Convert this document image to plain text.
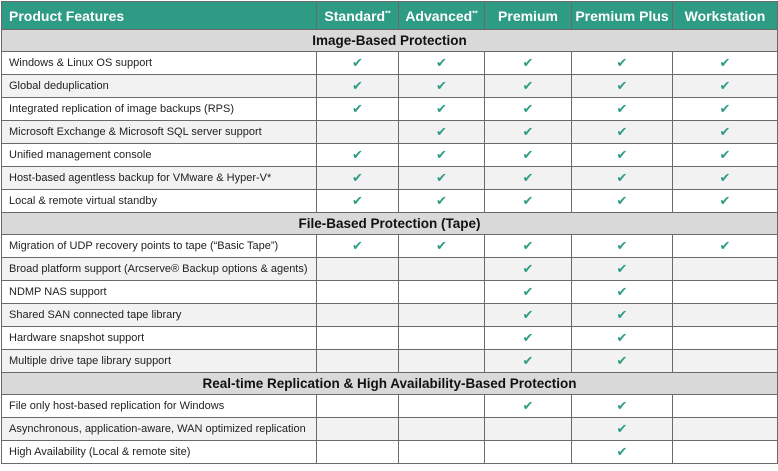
Product Features	Standard**	Advanced**	Premium	Premium Plus	Workstation
Image-Based Protection					
Windows & Linux OS support	✔	✔	✔	✔	✔
Global deduplication	✔	✔	✔	✔	✔
Integrated replication of image backups (RPS)	✔	✔	✔	✔	✔
Microsoft Exchange & Microsoft SQL server support		✔	✔	✔	✔
Unified management console	✔	✔	✔	✔	✔
Host-based agentless backup for VMware & Hyper-V*	✔	✔	✔	✔	✔
Local & remote virtual standby	✔	✔	✔	✔	✔
File-Based Protection (Tape)					
Migration of UDP recovery points to tape (“Basic Tape”)	✔	✔	✔	✔	✔
Broad platform support (Arcserve® Backup options & agents)			✔	✔	
NDMP NAS support			✔	✔	
Shared SAN connected tape library			✔	✔	
Hardware snapshot support			✔	✔	
Multiple drive tape library support			✔	✔	
Real-time Replication & High Availability-Based Protection					
File only host-based replication for Windows			✔	✔	
Asynchronous, application-aware, WAN optimized replication				✔	
High Availability (Local & remote site)				✔	
